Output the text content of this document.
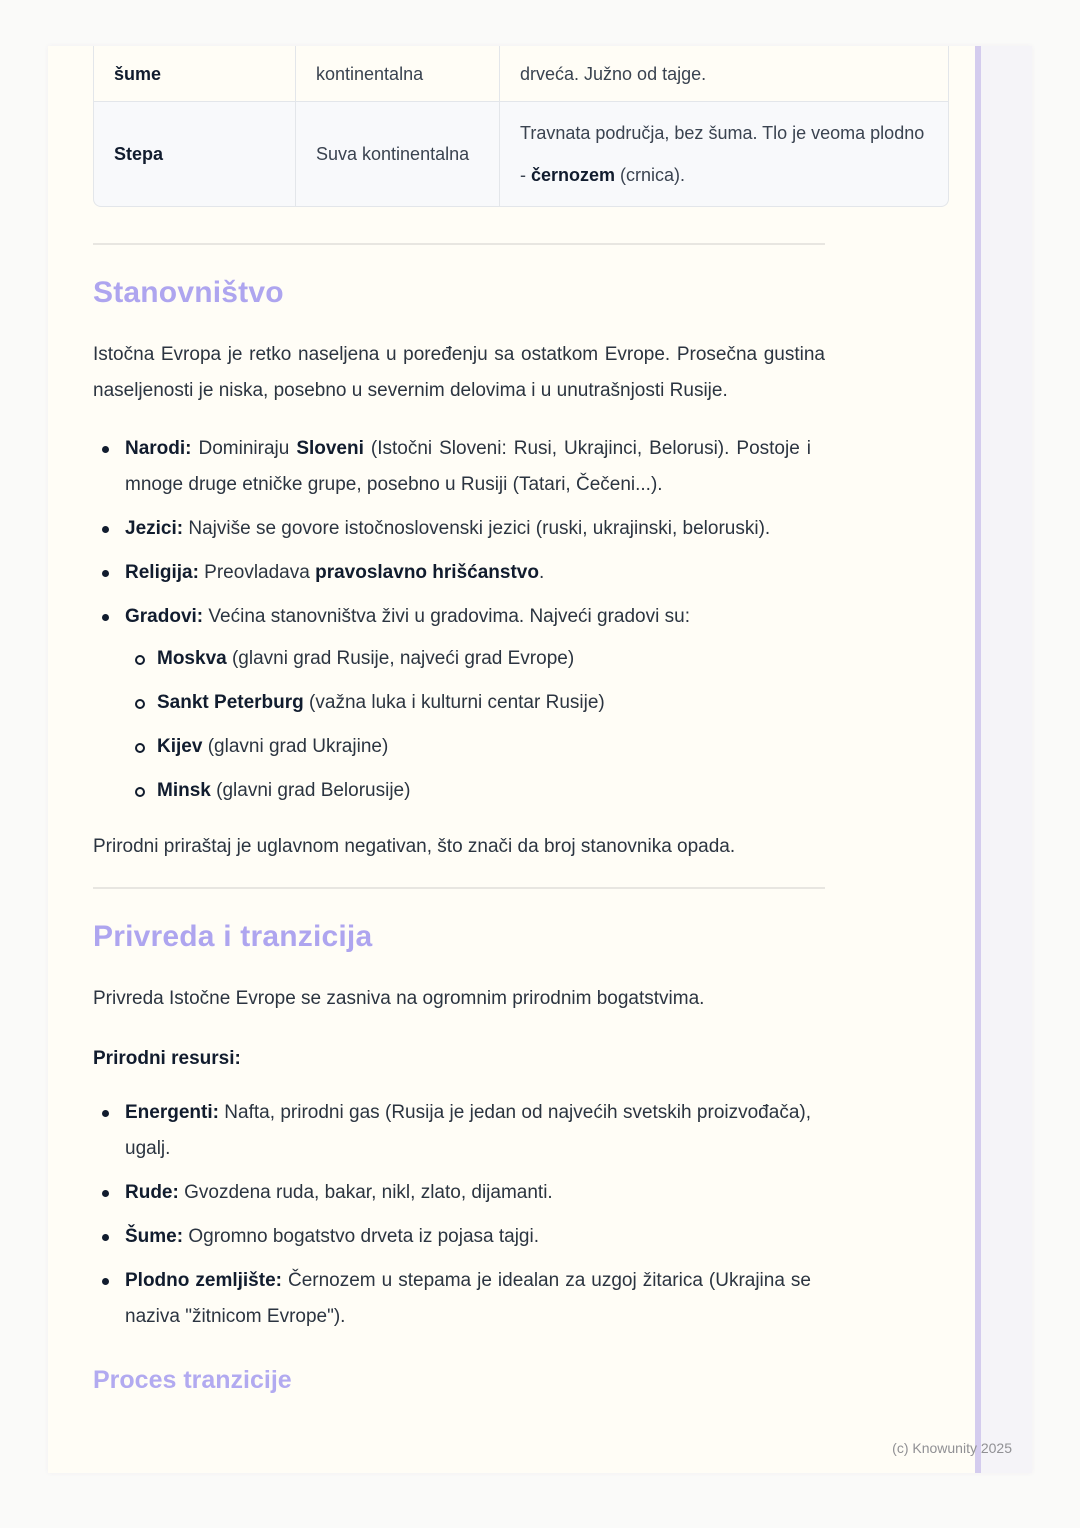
šume	kontinentalna	drveća. Južno od tajge.
Stepa	Suva kontinentalna	Travnata područja, bez šuma. Tlo je veoma plodno - černozem (crnica).
Stanovništvo

Istočna Evropa je retko naseljena u poređenju sa ostatkom Evrope. Prosečna gustina naseljenosti je niska, posebno u severnim delovima i u unutrašnjosti Rusije.

Narodi: Dominiraju Sloveni (Istočni Sloveni: Rusi, Ukrajinci, Belorusi). Postoje i mnoge druge etničke grupe, posebno u Rusiji (Tatari, Čečeni...).
Jezici: Najviše se govore istočnoslovenski jezici (ruski, ukrajinski, beloruski).
Religija: Preovladava pravoslavno hrišćanstvo.
Gradovi: Većina stanovništva živi u gradovima. Najveći gradovi su:
Moskva (glavni grad Rusije, najveći grad Evrope)
Sankt Peterburg (važna luka i kulturni centar Rusije)
Kijev (glavni grad Ukrajine)
Minsk (glavni grad Belorusije)

Prirodni priraštaj je uglavnom negativan, što znači da broj stanovnika opada.

Privreda i tranzicija

Privreda Istočne Evrope se zasniva na ogromnim prirodnim bogatstvima.

Prirodni resursi:

Energenti: Nafta, prirodni gas (Rusija je jedan od najvećih svetskih proizvođača), ugalj.
Rude: Gvozdena ruda, bakar, nikl, zlato, dijamanti.
Šume: Ogromno bogatstvo drveta iz pojasa tajgi.
Plodno zemljište: Černozem u stepama je idealan za uzgoj žitarica (Ukrajina se naziva "žitnicom Evrope").
Proces tranzicije
(c) Knowunity 2025
